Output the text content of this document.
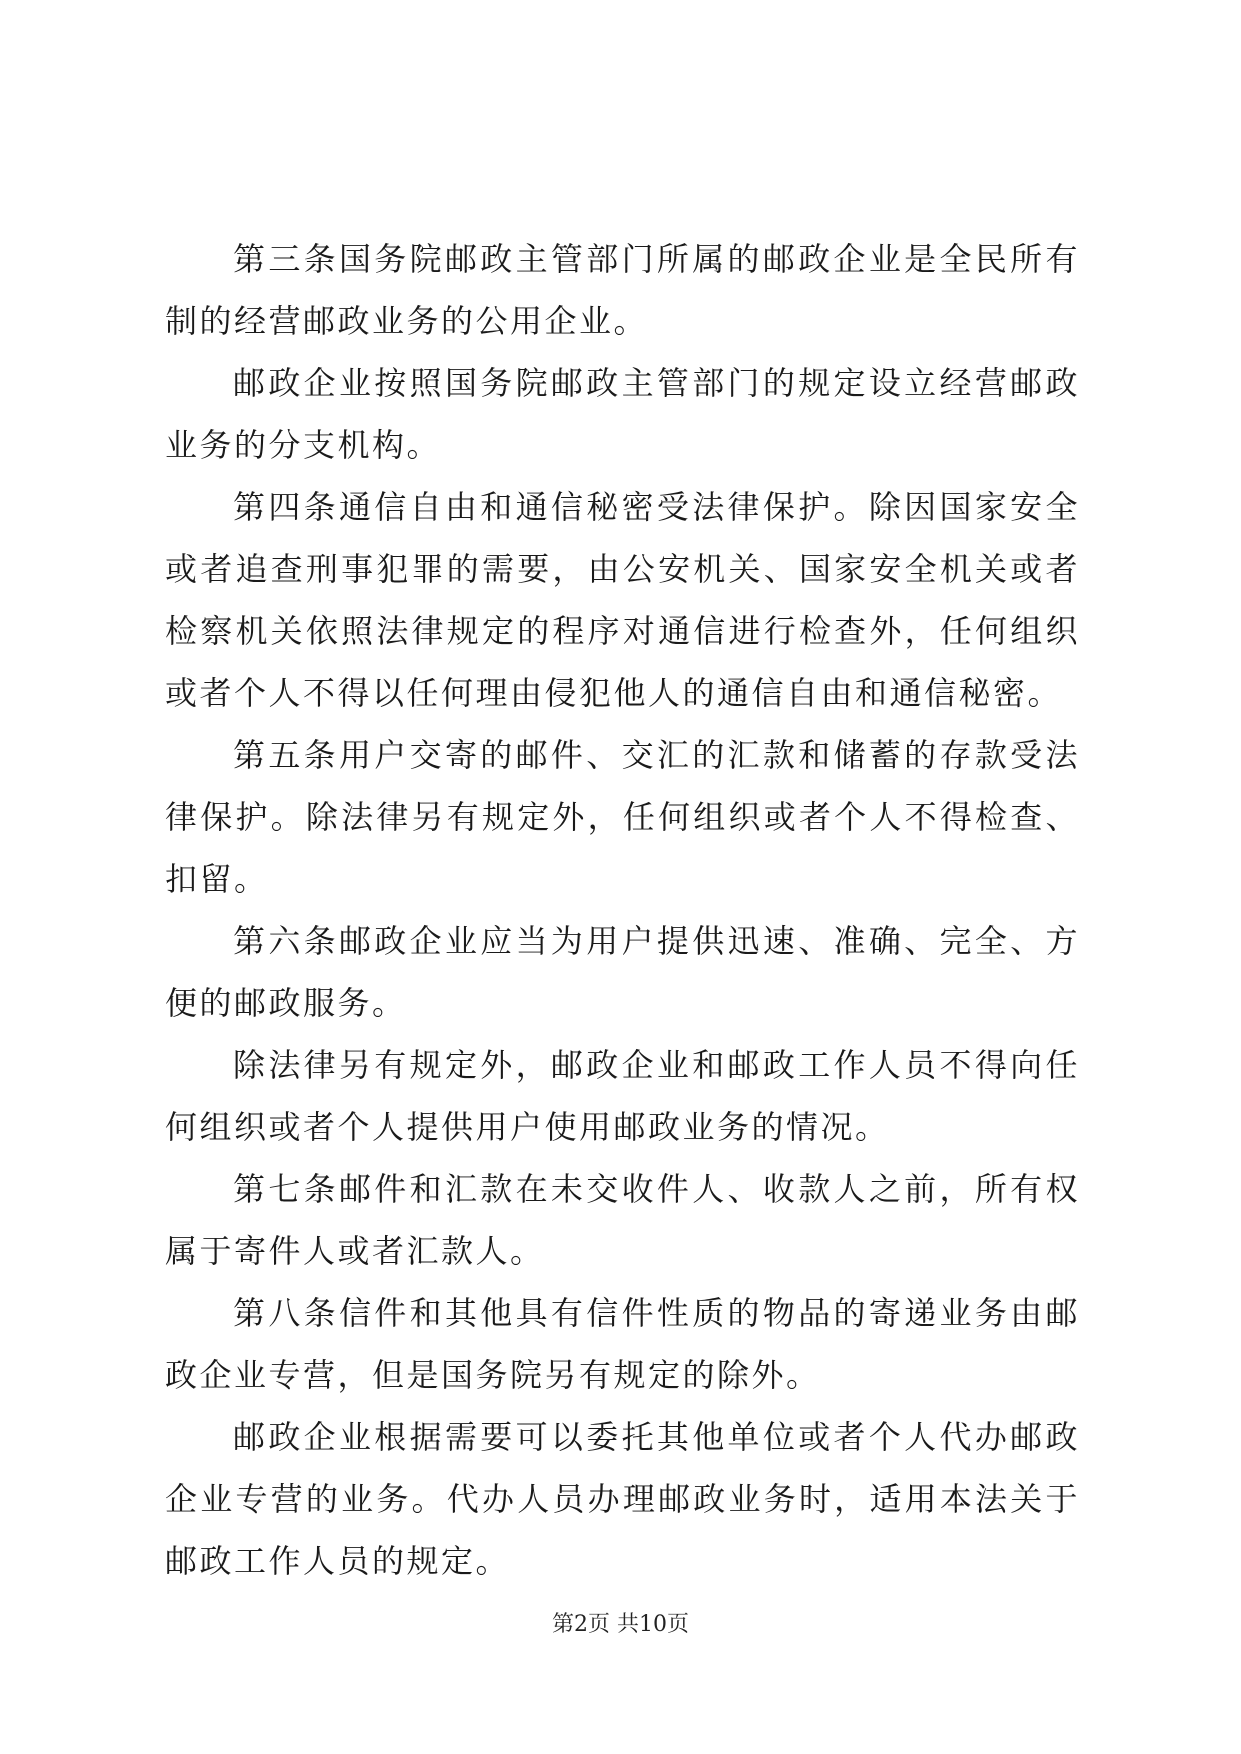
第三条国务院邮政主管部门所属的邮政企业是全民所有制的经营邮政业务的公用企业。

邮政企业按照国务院邮政主管部门的规定设立经营邮政业务的分支机构。

第四条通信自由和通信秘密受法律保护。除因国家安全或者追查刑事犯罪的需要，由公安机关、国家安全机关或者检察机关依照法律规定的程序对通信进行检查外，任何组织或者个人不得以任何理由侵犯他人的通信自由和通信秘密。

第五条用户交寄的邮件、交汇的汇款和储蓄的存款受法律保护。除法律另有规定外，任何组织或者个人不得检查、扣留。

第六条邮政企业应当为用户提供迅速、准确、完全、方便的邮政服务。

除法律另有规定外，邮政企业和邮政工作人员不得向任何组织或者个人提供用户使用邮政业务的情况。

第七条邮件和汇款在未交收件人、收款人之前，所有权属于寄件人或者汇款人。

第八条信件和其他具有信件性质的物品的寄递业务由邮政企业专营，但是国务院另有规定的除外。

邮政企业根据需要可以委托其他单位或者个人代办邮政企业专营的业务。代办人员办理邮政业务时，适用本法关于邮政工作人员的规定。

第2页 共10页
